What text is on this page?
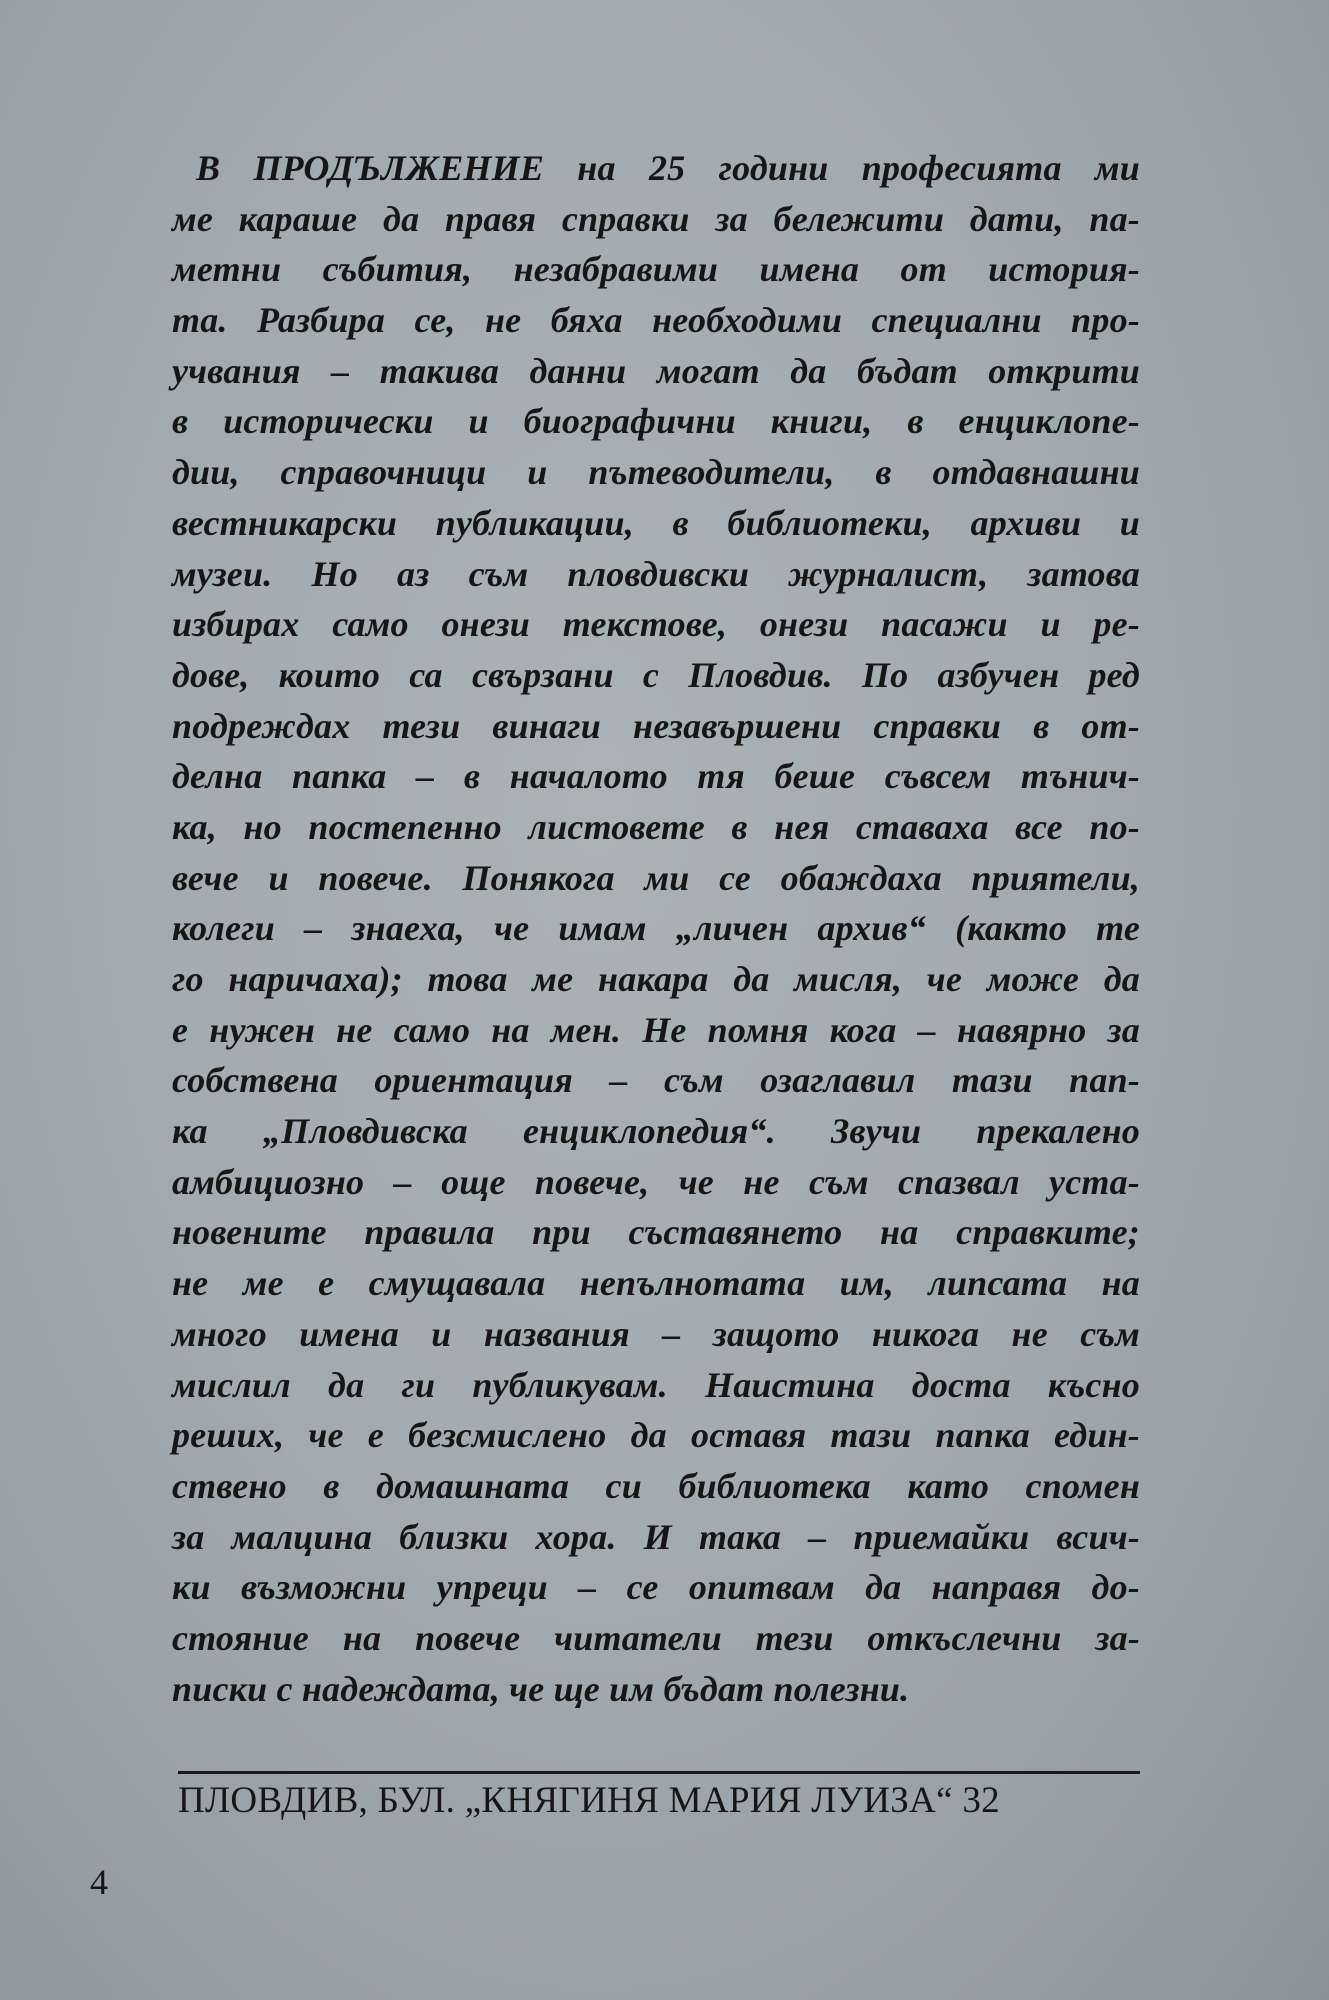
В ПРОДЪЛЖЕНИЕ на 25 години професията ми
ме караше да правя справки за бележити дати, па-
метни събития, незабравими имена от история-
та. Разбира се, не бяха необходими специални про-
учвания – такива данни могат да бъдат открити
в исторически и биографични книги, в енциклопе-
дии, справочници и пътеводители, в отдавнашни
вестникарски публикации, в библиотеки, архиви и
музеи. Но аз съм пловдивски журналист, затова
избирах само онези текстове, онези пасажи и ре-
дове, които са свързани с Пловдив. По азбучен ред
подреждах тези винаги незавършени справки в от-
делна папка – в началото тя беше съвсем тънич-
ка, но постепенно листовете в нея ставаха все по-
вече и повече. Понякога ми се обаждаха приятели,
колеги – знаеха, че имам „личен архив“ (както те
го наричаха); това ме накара да мисля, че може да
е нужен не само на мен. Не помня кога – навярно за
собствена ориентация – съм озаглавил тази пап-
ка „Пловдивска енциклопедия“. Звучи прекалено
амбициозно – още повече, че не съм спазвал уста-
новените правила при съставянето на справките;
не ме е смущавала непълнотата им, липсата на
много имена и названия – защото никога не съм
мислил да ги публикувам. Наистина доста късно
реших, че е безсмислено да оставя тази папка един-
ствено в домашната си библиотека като спомен
за малцина близки хора. И така – приемайки всич-
ки възможни упреци – се опитвам да направя до-
стояние на повече читатели тези откъслечни за-
писки с надеждата, че ще им бъдат полезни.
ПЛОВДИВ, БУЛ. „КНЯГИНЯ МАРИЯ ЛУИЗА“ 32
4
